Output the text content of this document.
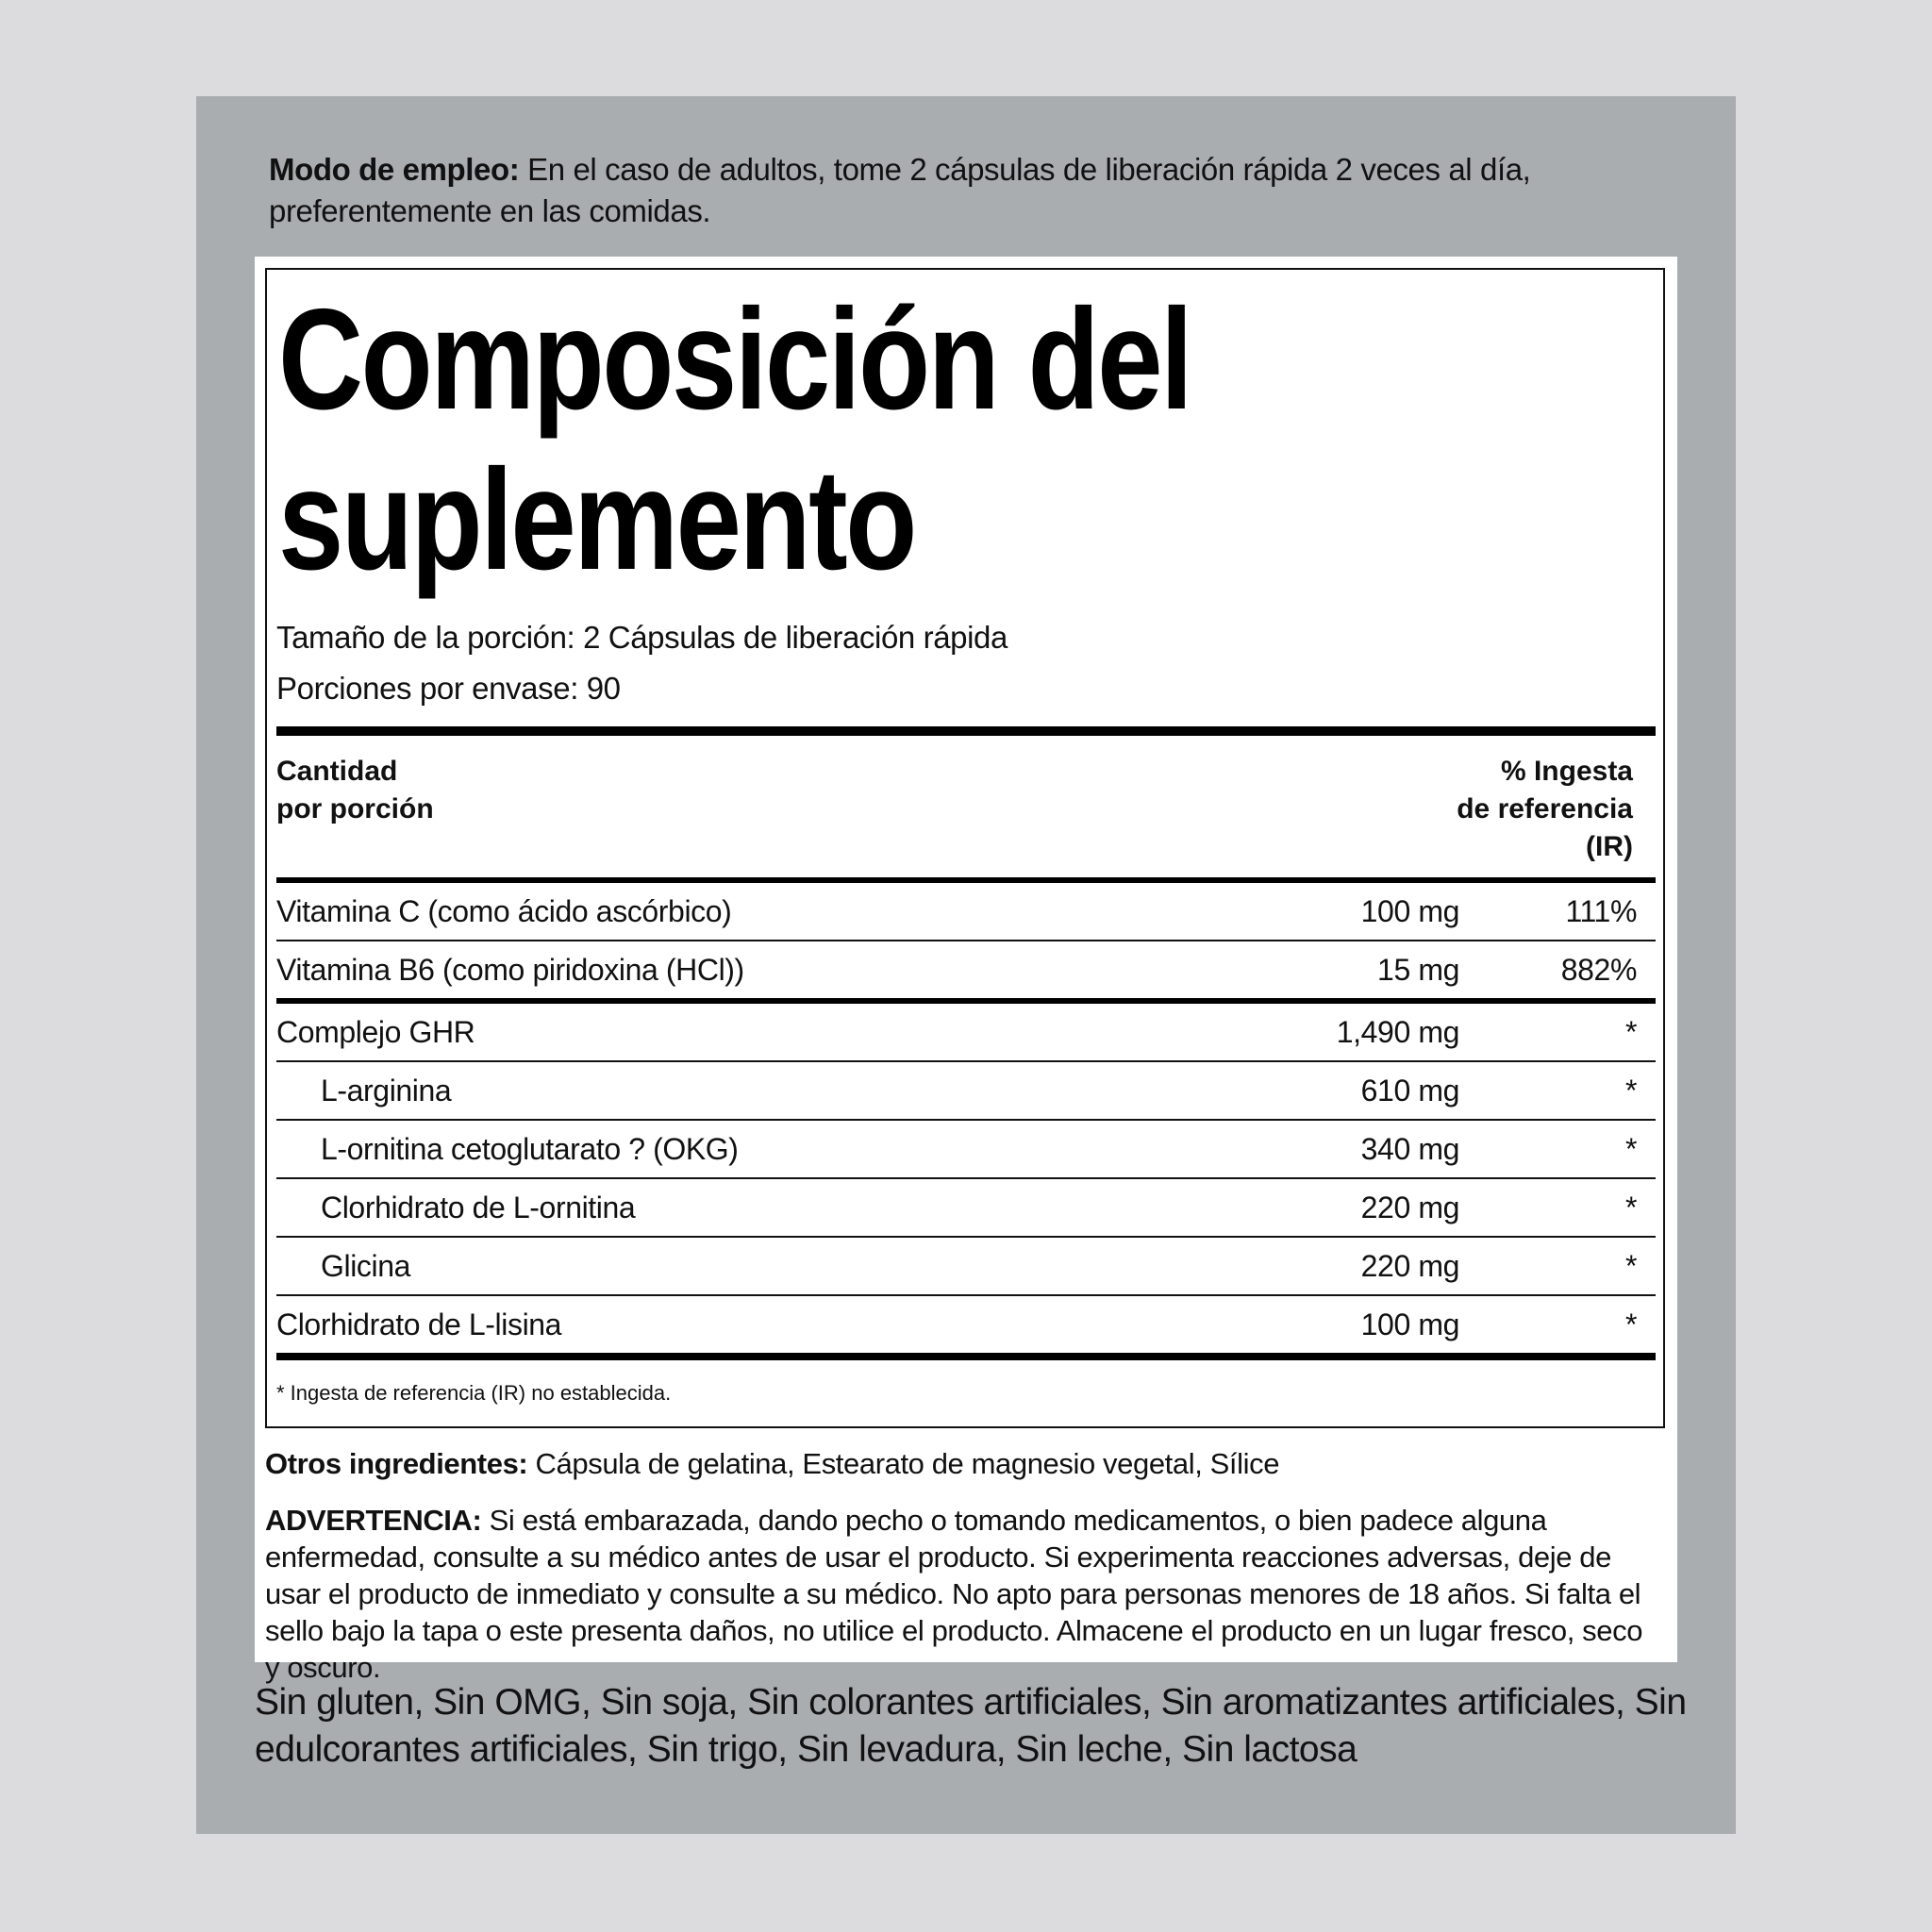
Modo de empleo: En el caso de adultos, tome 2 cápsulas de liberación rápida 2 veces al día, preferentemente en las comidas.
Composición del
suplemento
Tamaño de la porción: 2 Cápsulas de liberación rápida
Porciones por envase: 90
Cantidad
por porción
% Ingesta
de referencia
(IR)
Vitamina C (como ácido ascórbico)	100 mg	111%
Vitamina B6 (como piridoxina (HCl))	15 mg	882%
Complejo GHR	1,490 mg	*
L-arginina	610 mg	*
L-ornitina cetoglutarato ? (OKG)	340 mg	*
Clorhidrato de L-ornitina	220 mg	*
Glicina	220 mg	*
Clorhidrato de L-lisina	100 mg	*
* Ingesta de referencia (IR) no establecida.
Otros ingredientes: Cápsula de gelatina, Estearato de magnesio vegetal, Sílice
ADVERTENCIA: Si está embarazada, dando pecho o tomando medicamentos, o bien padece alguna enfermedad, consulte a su médico antes de usar el producto. Si experimenta reacciones adversas, deje de usar el producto de inmediato y consulte a su médico. No apto para personas menores de 18 años. Si falta el sello bajo la tapa o este presenta daños, no utilice el producto. Almacene el producto en un lugar fresco, seco y oscuro.
Sin gluten, Sin OMG, Sin soja, Sin colorantes artificiales, Sin aromatizantes artificiales, Sin edulcorantes artificiales, Sin trigo, Sin levadura, Sin leche, Sin lactosa
